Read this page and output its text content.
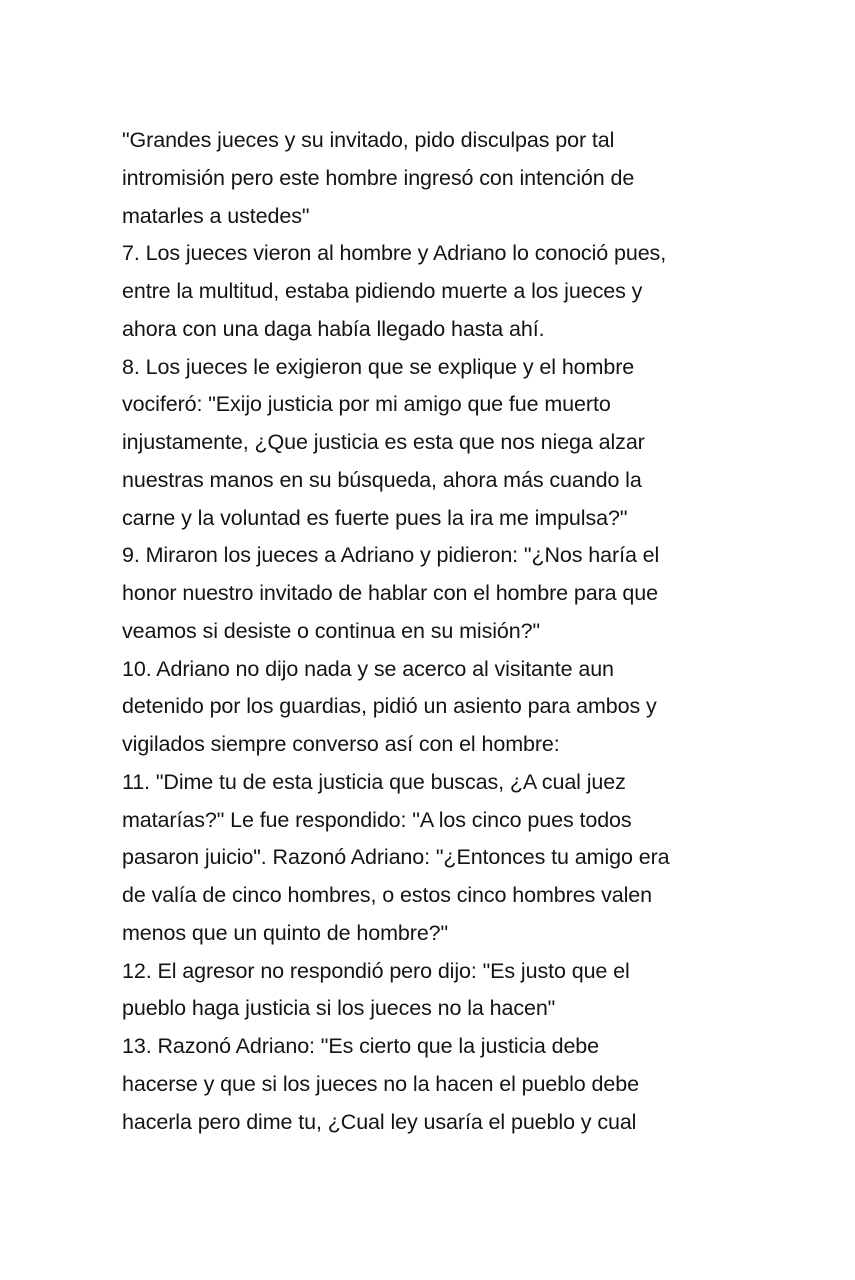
"Grandes jueces y su invitado, pido disculpas por tal
intromisión pero este hombre ingresó con intención de
matarles a ustedes"
7. Los jueces vieron al hombre y Adriano lo conoció pues,
entre la multitud, estaba pidiendo muerte a los jueces y
ahora con una daga había llegado hasta ahí.
8. Los jueces le exigieron que se explique y el hombre
vociferó: "Exijo justicia por mi amigo que fue muerto
injustamente, ¿Que justicia es esta que nos niega alzar
nuestras manos en su búsqueda, ahora más cuando la
carne y la voluntad es fuerte pues la ira me impulsa?"
9. Miraron los jueces a Adriano y pidieron: "¿Nos haría el
honor nuestro invitado de hablar con el hombre para que
veamos si desiste o continua en su misión?"
10. Adriano no dijo nada y se acerco al visitante aun
detenido por los guardias, pidió un asiento para ambos y
vigilados siempre converso así con el hombre:
11. "Dime tu de esta justicia que buscas, ¿A cual juez
matarías?" Le fue respondido: "A los cinco pues todos
pasaron juicio". Razonó Adriano: "¿Entonces tu amigo era
de valía de cinco hombres, o estos cinco hombres valen
menos que un quinto de hombre?"
12. El agresor no respondió pero dijo: "Es justo que el
pueblo haga justicia si los jueces no la hacen"
13. Razonó Adriano: "Es cierto que la justicia debe
hacerse y que si los jueces no la hacen el pueblo debe
hacerla pero dime tu, ¿Cual ley usaría el pueblo y cual
